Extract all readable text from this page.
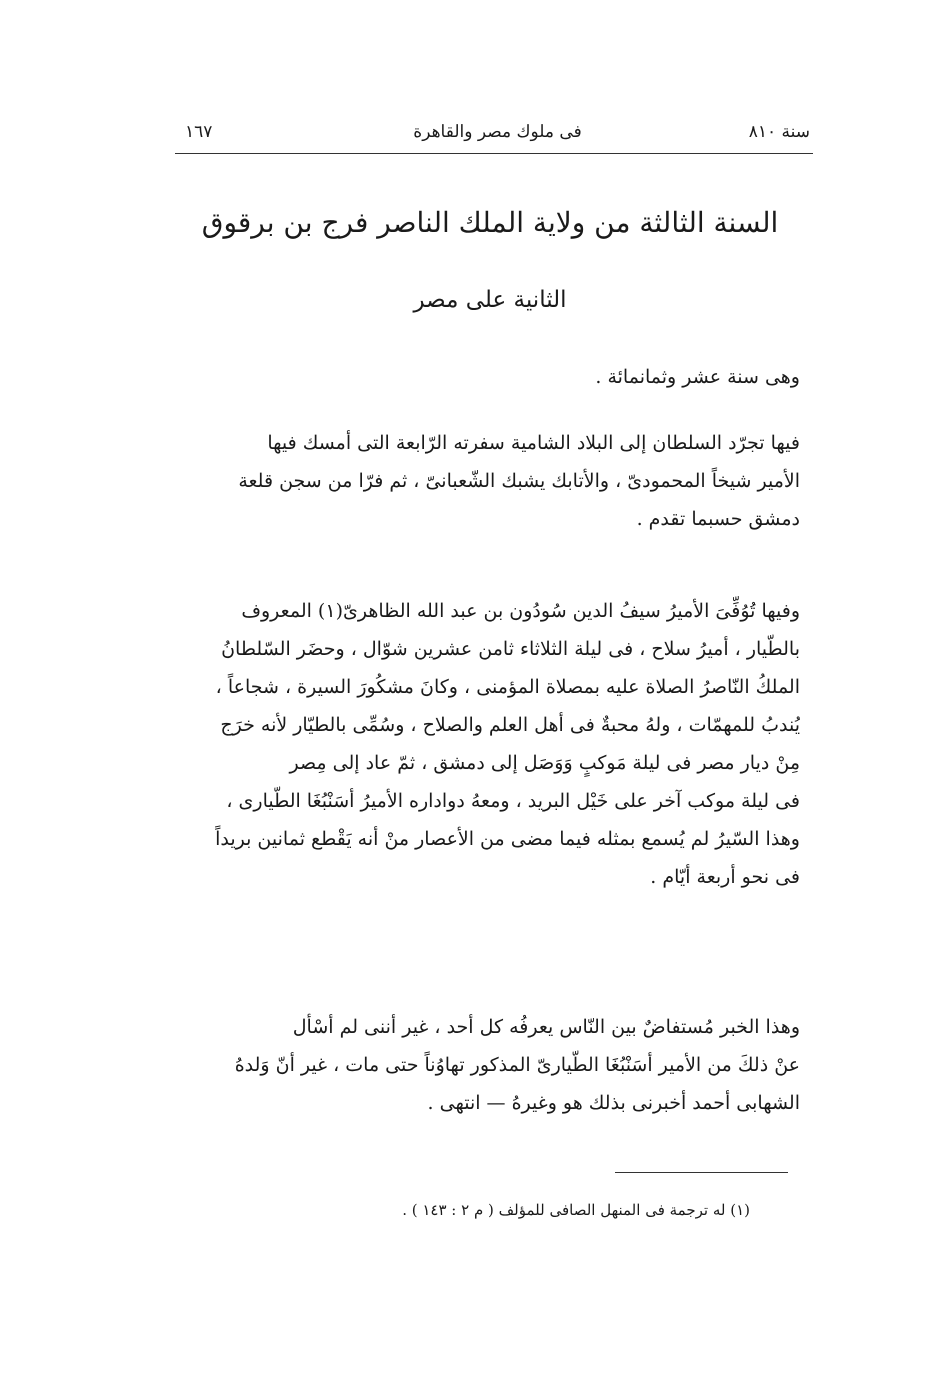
١٦٧	فى ملوك مصر والقاهرة	سنة ٨١٠
السنة الثالثة من ولاية الملك الناصر فرج بن برقوق
الثانية على مصر
وهى سنة عشر وثمانمائة .
فيها تجرّد السلطان إلى البلاد الشامية سفرته الرّابعة التى أمسك فيها
الأمير شيخاً المحمودىّ ، والأتابك يشبك الشّعبانىّ ، ثم فرّا من سجن قلعة
دمشق حسبما تقدم .
وفيها تُوُفِّىَ الأميرُ سيفُ الدين سُودُون بن عبد الله الظاهرىّ(١) المعروف
بالطّيار ، أميرُ سلاح ، فى ليلة الثلاثاء ثامن عشرين شوّال ، وحضَر السّلطانُ
الملكُ النّاصرُ الصلاة عليه بمصلاة المؤمنى ، وكانَ مشكُورَ السيرة ، شجاعاً ،
يُندبُ للمهمّات ، ولهُ محبةٌ فى أهل العلم والصلاح ، وسُمِّى بالطيّار لأنه خرَج
مِنْ ديار مصر فى ليلة مَوكبٍ وَوَصَل إلى دمشق ، ثمّ عاد إلى مِصر
فى ليلة موكب آخر على خَيْل البريد ، ومعهُ دواداره الأميرُ أسَنْبُغَا الطّيارى ،
وهذا السّيرُ لم يُسمع بمثله فيما مضى من الأعصار منْ أنه يَقْطع ثمانين بريداً
فى نحو أربعة أيّام .
وهذا الخبر مُستفاضٌ بين النّاس يعرفُه كل أحد ، غير أننى لم أسْأل
عنْ ذلكَ من الأمير أسَنْبُغَا الطّيارىّ المذكور تهاوُناً حتى مات ، غير أنّ وَلدهُ
الشهابى أحمد أخبرنى بذلك هو وغيرهُ — انتهى .
(١) له ترجمة فى المنهل الصافى للمؤلف ( م ٢ : ١٤٣ ) .
